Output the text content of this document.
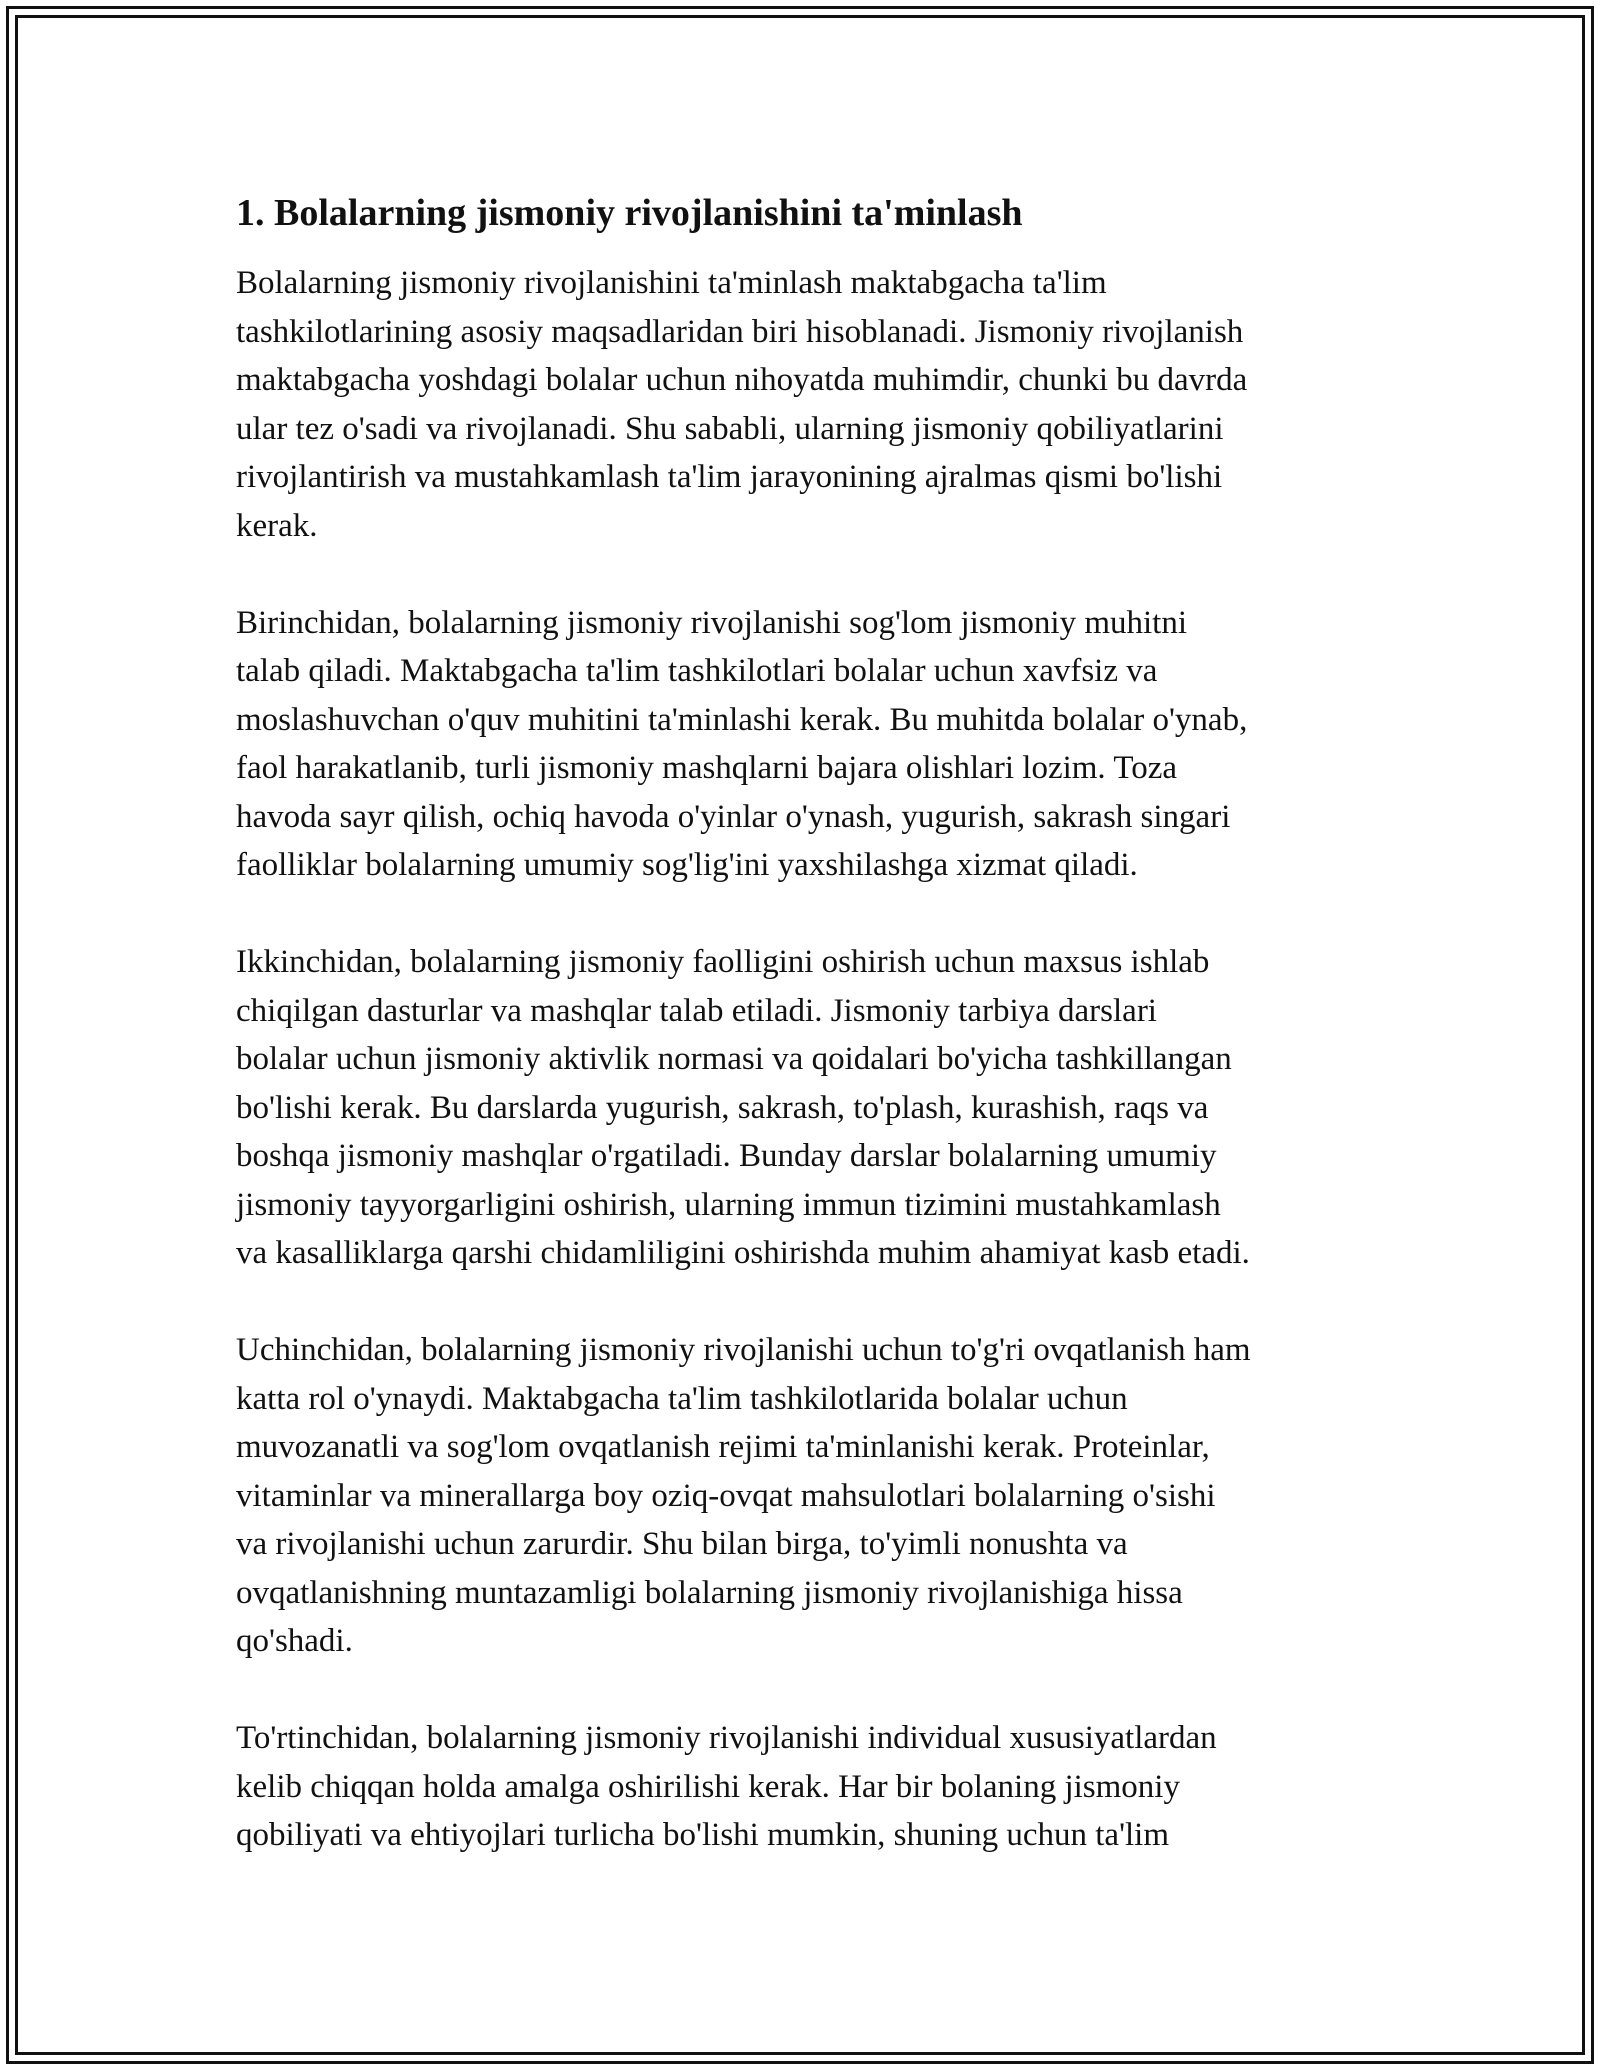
1. Bolalarning jismoniy rivojlanishini ta'minlash
Bolalarning jismoniy rivojlanishini ta'minlash maktabgacha ta'lim
tashkilotlarining asosiy maqsadlaridan biri hisoblanadi. Jismoniy rivojlanish
maktabgacha yoshdagi bolalar uchun nihoyatda muhimdir, chunki bu davrda
ular tez o'sadi va rivojlanadi. Shu sababli, ularning jismoniy qobiliyatlarini
rivojlantirish va mustahkamlash ta'lim jarayonining ajralmas qismi bo'lishi
kerak.
Birinchidan, bolalarning jismoniy rivojlanishi sog'lom jismoniy muhitni
talab qiladi. Maktabgacha ta'lim tashkilotlari bolalar uchun xavfsiz va
moslashuvchan o'quv muhitini ta'minlashi kerak. Bu muhitda bolalar o'ynab,
faol harakatlanib, turli jismoniy mashqlarni bajara olishlari lozim. Toza
havoda sayr qilish, ochiq havoda o'yinlar o'ynash, yugurish, sakrash singari
faolliklar bolalarning umumiy sog'lig'ini yaxshilashga xizmat qiladi.
Ikkinchidan, bolalarning jismoniy faolligini oshirish uchun maxsus ishlab
chiqilgan dasturlar va mashqlar talab etiladi. Jismoniy tarbiya darslari
bolalar uchun jismoniy aktivlik normasi va qoidalari bo'yicha tashkillangan
bo'lishi kerak. Bu darslarda yugurish, sakrash, to'plash, kurashish, raqs va
boshqa jismoniy mashqlar o'rgatiladi. Bunday darslar bolalarning umumiy
jismoniy tayyorgarligini oshirish, ularning immun tizimini mustahkamlash
va kasalliklarga qarshi chidamliligini oshirishda muhim ahamiyat kasb etadi.
Uchinchidan, bolalarning jismoniy rivojlanishi uchun to'g'ri ovqatlanish ham
katta rol o'ynaydi. Maktabgacha ta'lim tashkilotlarida bolalar uchun
muvozanatli va sog'lom ovqatlanish rejimi ta'minlanishi kerak. Proteinlar,
vitaminlar va minerallarga boy oziq-ovqat mahsulotlari bolalarning o'sishi
va rivojlanishi uchun zarurdir. Shu bilan birga, to'yimli nonushta va
ovqatlanishning muntazamligi bolalarning jismoniy rivojlanishiga hissa
qo'shadi.
To'rtinchidan, bolalarning jismoniy rivojlanishi individual xususiyatlardan
kelib chiqqan holda amalga oshirilishi kerak. Har bir bolaning jismoniy
qobiliyati va ehtiyojlari turlicha bo'lishi mumkin, shuning uchun ta'lim
